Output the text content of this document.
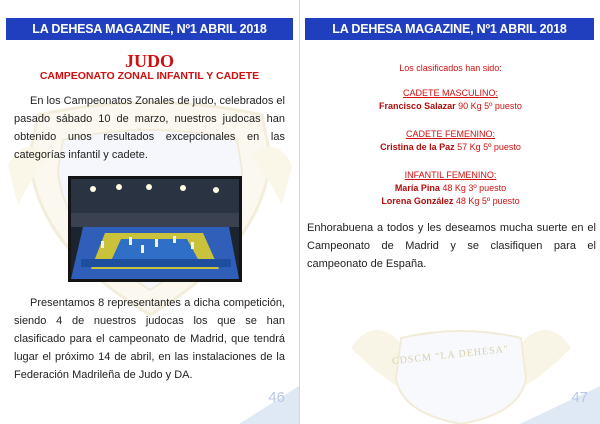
LA DEHESA MAGAZINE, Nº1 ABRIL 2018
JUDO
CAMPEONATO ZONAL INFANTIL Y CADETE
En los Campeonatos Zonales de judo, celebrados el pasado sábado 10 de marzo, nuestros judocas han obtenido unos resultados excepcionales en las categorías infantil y cadete.
Presentamos 8 representantes a dicha competición, siendo 4 de nuestros judocas los que se han clasificado para el campeonato de Madrid, que tendrá lugar el próximo 14 de abril, en las instalaciones de la Federación Madrileña de Judo y DA.
46
LA DEHESA MAGAZINE, Nº1 ABRIL 2018
Los clasificados han sido:
CADETE MASCULINO:
Francisco Salazar 90 Kg 5º puesto
CADETE FEMENINO:
Cristina de la Paz 57 Kg 5º puesto
INFANTIL FEMENINO:
María Pina 48 Kg 3º puesto
Lorena González 48 Kg 5º puesto
Enhorabuena a todos y les deseamos mucha suerte en el Campeonato de Madrid y se clasifiquen para el campeonato de España.
CDSCM "LA DEHESA"
47
